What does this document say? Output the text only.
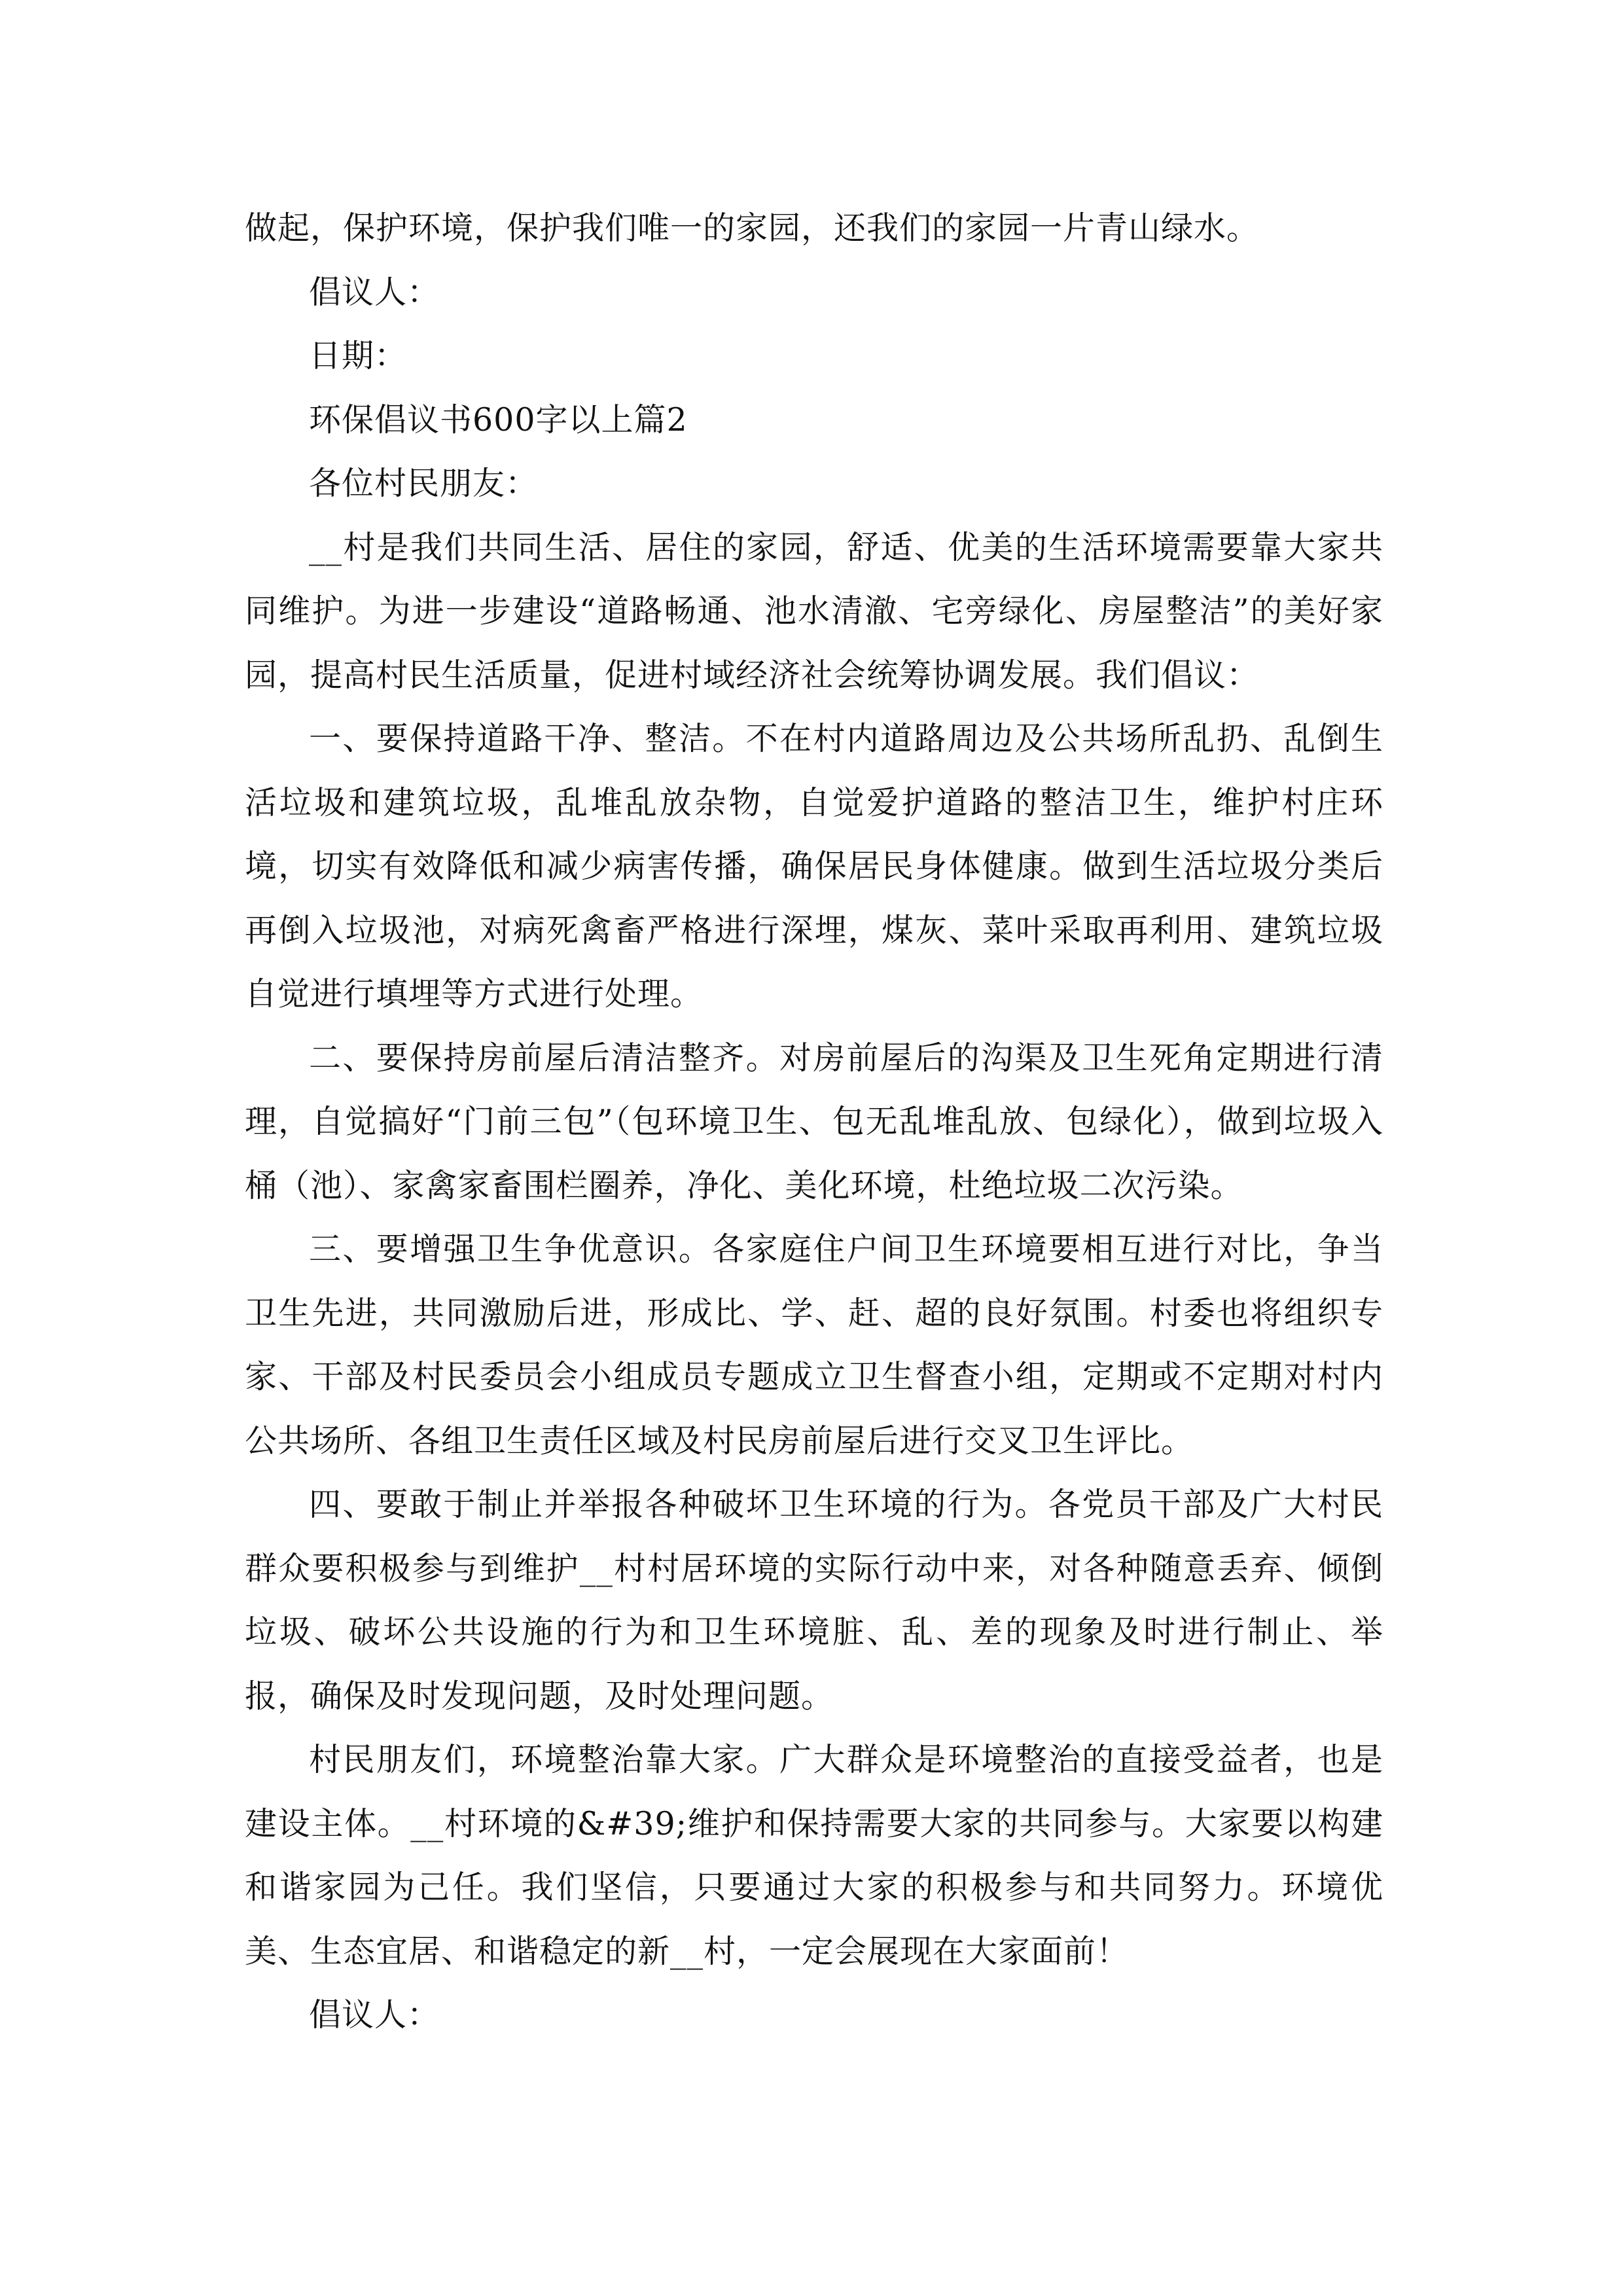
做起，保护环境，保护我们唯一的家园，还我们的家园一片青山绿水。

倡议人：

日期：

环保倡议书600字以上篇2

各位村民朋友：

__村是我们共同生活、居住的家园，舒适、优美的生活环境需要靠大家共同维护。为进一步建设“道路畅通、池水清澈、宅旁绿化、房屋整洁”的美好家园，提高村民生活质量，促进村域经济社会统筹协调发展。我们倡议：

一、要保持道路干净、整洁。不在村内道路周边及公共场所乱扔、乱倒生活垃圾和建筑垃圾，乱堆乱放杂物，自觉爱护道路的整洁卫生，维护村庄环境，切实有效降低和减少病害传播，确保居民身体健康。做到生活垃圾分类后再倒入垃圾池，对病死禽畜严格进行深埋，煤灰、菜叶采取再利用、建筑垃圾自觉进行填埋等方式进行处理。

二、要保持房前屋后清洁整齐。对房前屋后的沟渠及卫生死角定期进行清理，自觉搞好“门前三包”（包环境卫生、包无乱堆乱放、包绿化），做到垃圾入桶（池）、家禽家畜围栏圈养，净化、美化环境，杜绝垃圾二次污染。

三、要增强卫生争优意识。各家庭住户间卫生环境要相互进行对比，争当卫生先进，共同激励后进，形成比、学、赶、超的良好氛围。村委也将组织专家、干部及村民委员会小组成员专题成立卫生督查小组，定期或不定期对村内公共场所、各组卫生责任区域及村民房前屋后进行交叉卫生评比。

四、要敢于制止并举报各种破坏卫生环境的行为。各党员干部及广大村民群众要积极参与到维护__村村居环境的实际行动中来，对各种随意丢弃、倾倒垃圾、破坏公共设施的行为和卫生环境脏、乱、差的现象及时进行制止、举报，确保及时发现问题，及时处理问题。

村民朋友们，环境整治靠大家。广大群众是环境整治的直接受益者，也是建设主体。__村环境的&#39;维护和保持需要大家的共同参与。大家要以构建和谐家园为己任。我们坚信，只要通过大家的积极参与和共同努力。环境优美、生态宜居、和谐稳定的新__村，一定会展现在大家面前！

倡议人：
